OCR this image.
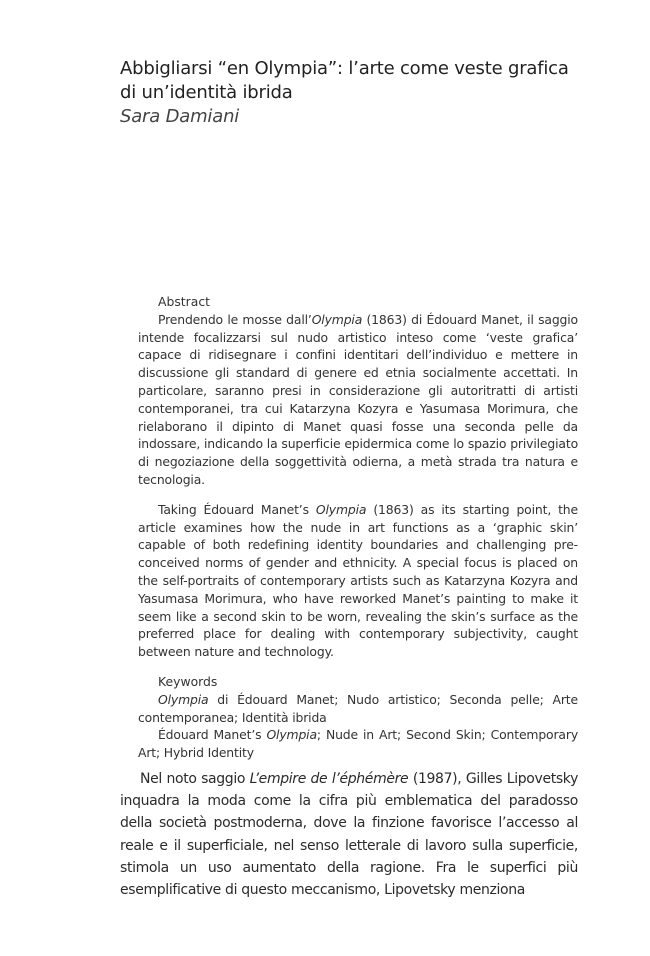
Abbigliarsi “en Olympia”: l’arte come veste grafica
di un’identità ibrida
Sara Damiani
Abstract

Prendendo le mosse dall’Olympia (1863) di Édouard Manet, il saggio intende focalizzarsi sul nudo artistico inteso come ‘veste grafica’ capace di ridisegnare i confini identitari dell’individuo e mettere in discussione gli standard di genere ed etnia socialmente accettati. In particolare, saranno presi in considerazione gli autoritratti di artisti contemporanei, tra cui Katarzyna Kozyra e Yasumasa Morimura, che rielaborano il dipinto di Manet quasi fosse una seconda pelle da indossare, indicando la superficie epidermica come lo spazio privilegiato di negoziazione della soggettività odierna, a metà strada tra natura e tecnologia.

Taking Édouard Manet’s Olympia (1863) as its starting point, the article examines how the nude in art functions as a ‘graphic skin’ capable of both redefining identity boundaries and challenging pre-conceived norms of gender and ethnicity. A special focus is placed on the self-portraits of contemporary artists such as Katarzyna Kozyra and Yasumasa Morimura, who have reworked Manet’s painting to make it seem like a second skin to be worn, revealing the skin’s surface as the preferred place for dealing with contemporary subjectivity, caught between nature and technology.

Keywords

Olympia di Édouard Manet; Nudo artistico; Seconda pelle; Arte contemporanea; Identità ibrida

Édouard Manet’s Olympia; Nude in Art; Second Skin; Contemporary Art; Hybrid Identity

Nel noto saggio L’empire de l’éphémère (1987), Gilles Lipovetsky inquadra la moda come la cifra più emblematica del paradosso della società postmoderna, dove la finzione favorisce l’accesso al reale e il superficiale, nel senso letterale di lavoro sulla superficie, stimola un uso aumentato della ragione. Fra le superfici più esemplificative di questo meccanismo, Lipovetsky menziona
